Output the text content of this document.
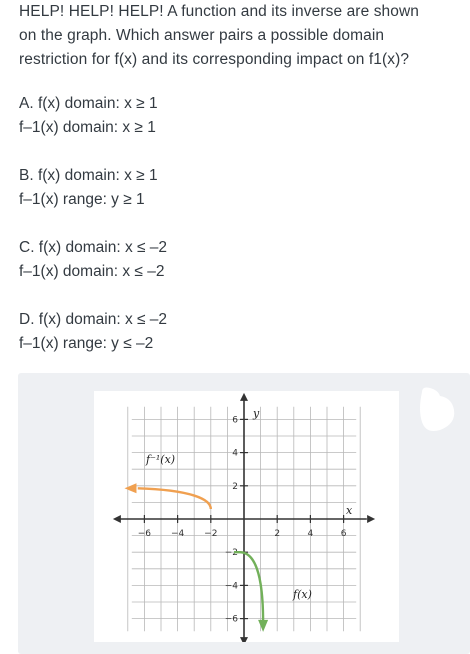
HELP! HELP! HELP! A function and its inverse are shown
on the graph. Which answer pairs a possible domain
restriction for f(x) and its corresponding impact on f1(x)?
A. f(x) domain: x ≥ 1
f–1(x) domain: x ≥ 1
B. f(x) domain: x ≥ 1
f–1(x) range: y ≥ 1
C. f(x) domain: x ≤ –2
f–1(x) domain: x ≤ –2
D. f(x) domain: x ≤ –2
f–1(x) range: y ≤ –2
−6 −4 −2	2	4	6
6
4
2
−2
−4
−6
f⁻¹(x)
f(x)
y
x
